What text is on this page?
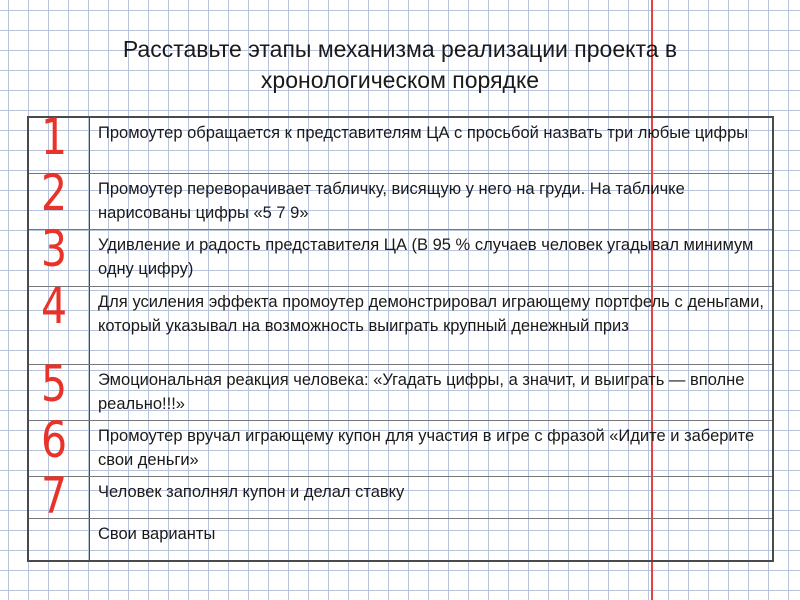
Расставьте этапы механизма реализации проекта в
хронологическом порядке
1 Промоутер обращается к представителям ЦА с просьбой назвать три любые цифры
2 Промоутер переворачивает табличку, висящую у него на груди. На табличке нарисованы цифры «5 7 9»
3 Удивление и радость представителя ЦА (В 95 % случаев человек угадывал минимум одну цифру)
4 Для усиления эффекта промоутер демонстрировал играющему портфель с деньгами, который указывал на возможность выиграть крупный денежный приз
5 Эмоциональная реакция человека: «Угадать цифры, а значит, и выиграть — вполне реально!!!»
6 Промоутер вручал играющему купон для участия в игре с фразой «Идите и заберите свои деньги»
7 Человек заполнял купон и делал ставку
Свои варианты
